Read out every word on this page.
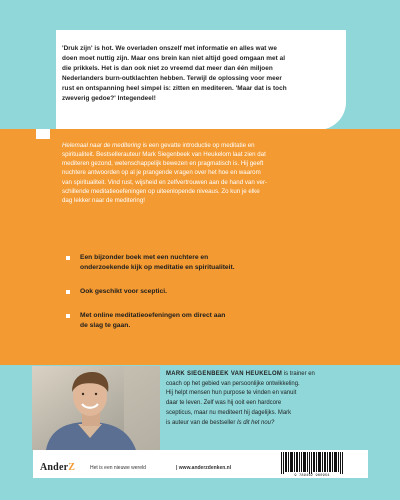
'Druk zijn' is hot. We overladen onszelf met informatie en alles wat we
doen moet nuttig zijn. Maar ons brein kan niet altijd goed omgaan met al
die prikkels. Het is dan ook niet zo vreemd dat meer dan één miljoen
Nederlanders burn-outklachten hebben. Terwijl de oplossing voor meer
rust en ontspanning heel simpel is: zitten en mediteren. 'Maar dat is toch
zweverig gedoe?' Integendeel!

Helemaal naar de meditering is een gevatte introductie op meditatie en
spiritualiteit. Bestsellerauteur Mark Siegenbeek van Heukelom laat zien dat
mediteren gezond, wetenschappelijk bewezen en pragmatisch is. Hij geeft
nuchtere antwoorden op al je prangende vragen over het hoe en waarom
van spiritualiteit. Vind rust, wijsheid en zelfvertrouwen aan de hand van ver-
schillende meditatieoefeningen op uiteenlopende niveaus. Zo kun je elke
dag lekker naar de meditering!

Een bijzonder boek met een nuchtere en
onderzoekende kijk op meditatie en spiritualiteit.
Ook geschikt voor sceptici.
Met online meditatieoefeningen om direct aan
de slag te gaan.

MARK SIEGENBEEK VAN HEUKELOM is trainer en
coach op het gebied van persoonlijke ontwikkeling.
Hij helpt mensen hun purpose te vinden en vanuit
daar te leven. Zelf was hij ooit een hardcore
scepticus, maar nu mediteert hij dagelijks. Mark
is auteur van de bestseller Is dit het nou?

AnderZ	Het is een nieuwe wereld	| www.anderzdenken.nl
9 789462 960954
